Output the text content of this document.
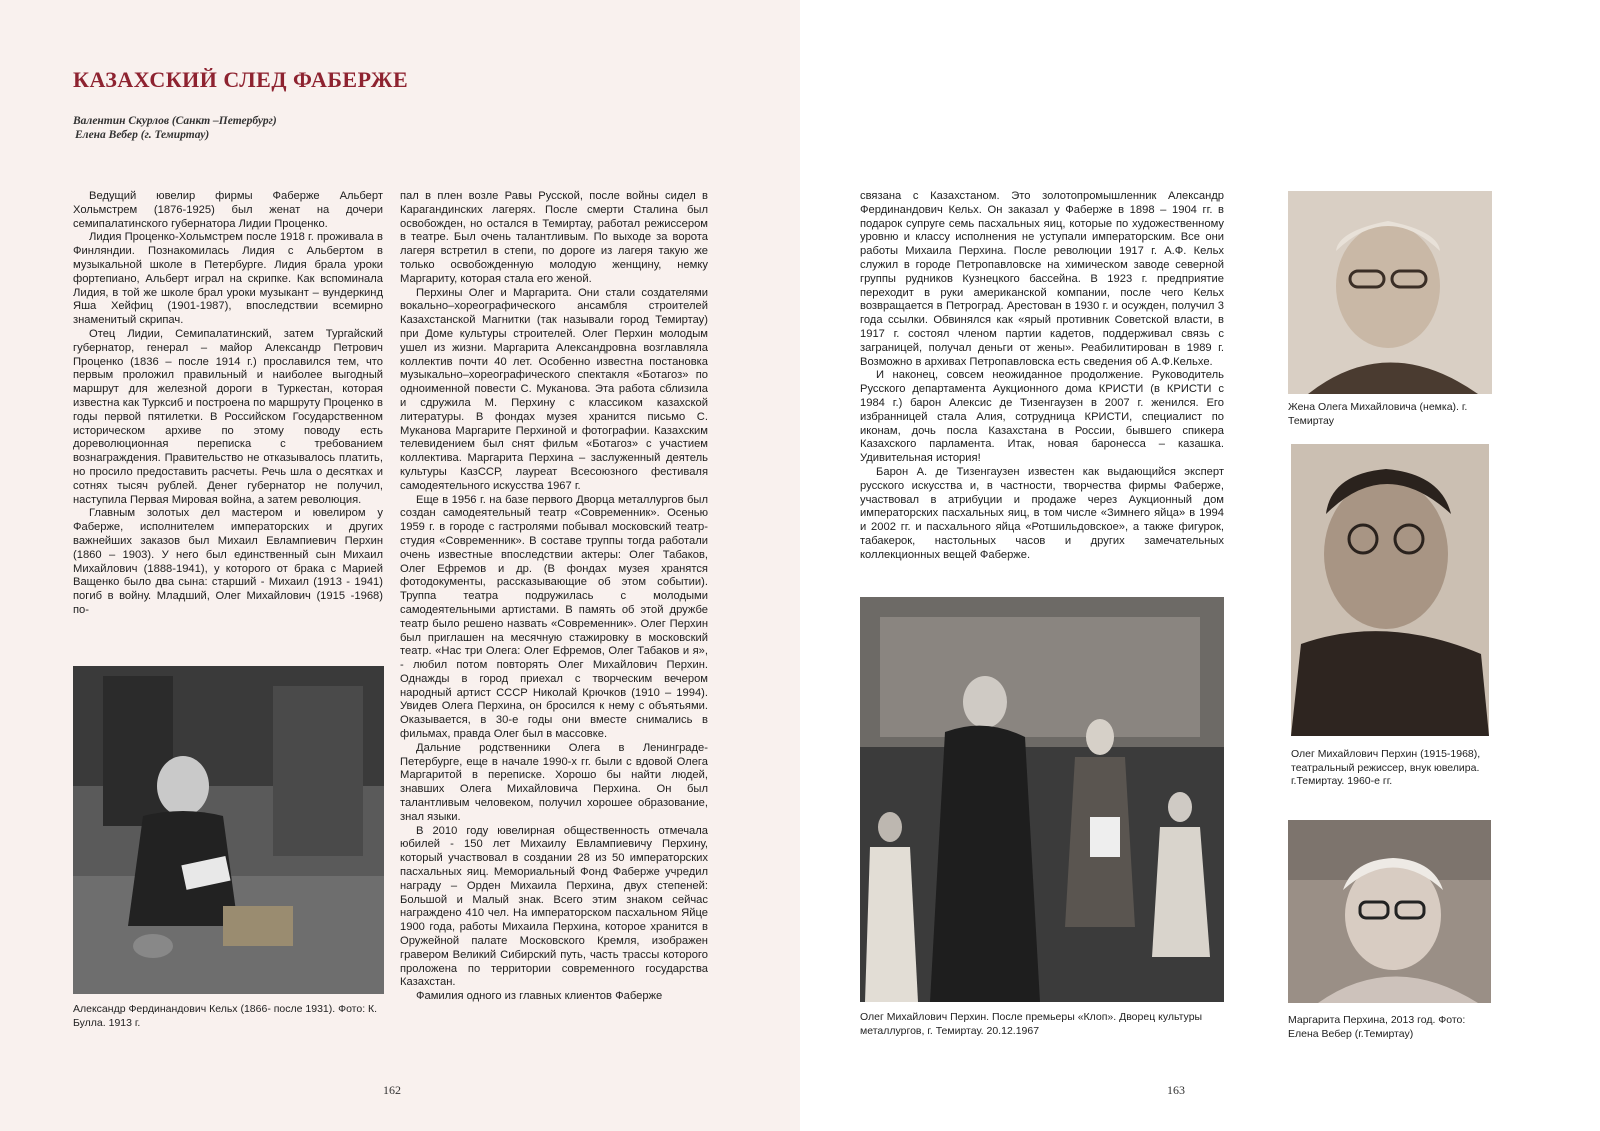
КАЗАХСКИЙ СЛЕД ФАБЕРЖЕ
Валентин Скурлов (Санкт –Петербург)
Елена Вебер (г. Темиртау)

Ведущий ювелир фирмы Фаберже Альберт Хольмстрем (1876-1925) был женат на дочери семипалатинского губернатора Лидии Проценко.

Лидия Проценко-Хольмстрем после 1918 г. проживала в Финляндии. Познакомилась Лидия с Альбертом в музыкальной школе в Петербурге. Лидия брала уроки фортепиано, Альберт играл на скрипке. Как вспоминала Лидия, в той же школе брал уроки музыкант – вундеркинд Яша Хейфиц (1901-1987), впоследствии всемирно знаменитый скрипач.

Отец Лидии, Семипалатинский, затем Тургайский губернатор, генерал – майор Александр Петрович Проценко (1836 – после 1914 г.) прославился тем, что первым проложил правильный и наиболее выгодный маршрут для железной дороги в Туркестан, которая известна как Турксиб и построена по маршруту Проценко в годы первой пятилетки. В Российском Государственном историческом архиве по этому поводу есть дореволюционная переписка с требованием вознаграждения. Правительство не отказывалось платить, но просило предоставить расчеты. Речь шла о десятках и сотнях тысяч рублей. Денег губернатор не получил, наступила Первая Мировая война, а затем революция.

Главным золотых дел мастером и ювелиром у Фаберже, исполнителем императорских и других важнейших заказов был Михаил Евлампиевич Перхин (1860 – 1903). У него был единственный сын Михаил Михайлович (1888-1941), у которого от брака с Марией Ващенко было два сына: старший - Михаил (1913 - 1941) погиб в войну. Младший, Олег Михайлович (1915 -1968) по-

пал в плен возле Равы Русской, после войны сидел в Карагандинских лагерях. После смерти Сталина был освобожден, но остался в Темиртау, работал режиссером в театре. Был очень талантливым. По выходе за ворота лагеря встретил в степи, по дороге из лагеря такую же только освобожденную молодую женщину, немку Маргариту, которая стала его женой.

Перхины Олег и Маргарита. Они стали создателями вокально–хореографического ансамбля строителей Казахстанской Магнитки (так называли город Темиртау) при Доме культуры строителей. Олег Перхин молодым ушел из жизни. Маргарита Александровна возглавляла коллектив почти 40 лет. Особенно известна постановка музыкально–хореографического спектакля «Ботагоз» по одноименной повести С. Муканова. Эта работа сблизила и сдружила М. Перхину с классиком казахской литературы. В фондах музея хранится письмо С. Муканова Маргарите Перхиной и фотографии. Казахским телевидением был снят фильм «Ботагоз» с участием коллектива. Маргарита Перхина – заслуженный деятель культуры КазССР, лауреат Всесоюзного фестиваля самодеятельного искусства 1967 г.

Еще в 1956 г. на базе первого Дворца металлургов был создан самодеятельный театр «Современник». Осенью 1959 г. в городе с гастролями побывал московский театр-студия «Современник». В составе труппы тогда работали очень известные впоследствии актеры: Олег Табаков, Олег Ефремов и др. (В фондах музея хранятся фотодокументы, рассказывающие об этом событии). Труппа театра подружилась с молодыми самодеятельными артистами. В память об этой дружбе театр было решено назвать «Современник». Олег Перхин был приглашен на месячную стажировку в московский театр. «Нас три Олега: Олег Ефремов, Олег Табаков и я», - любил потом повторять Олег Михайлович Перхин. Однажды в город приехал с творческим вечером народный артист СССР Николай Крючков (1910 – 1994). Увидев Олега Перхина, он бросился к нему с объятьями. Оказывается, в 30-е годы они вместе снимались в фильмах, правда Олег был в массовке.

Дальние родственники Олега в Ленинграде-Петербурге, еще в начале 1990-х гг. были с вдовой Олега Маргаритой в переписке. Хорошо бы найти людей, знавших Олега Михайловича Перхина. Он был талантливым человеком, получил хорошее образование, знал языки.

В 2010 году ювелирная общественность отмечала юбилей - 150 лет Михаилу Евлампиевичу Перхину, который участвовал в создании 28 из 50 императорских пасхальных яиц. Мемориальный Фонд Фаберже учредил награду – Орден Михаила Перхина, двух степеней: Большой и Малый знак. Всего этим знаком сейчас награждено 410 чел. На императорском пасхальном Яйце 1900 года, работы Михаила Перхина, которое хранится в Оружейной палате Московского Кремля, изображен гравером Великий Сибирский путь, часть трассы которого проложена по территории современного государства Казахстан.

Фамилия одного из главных клиентов Фаберже

Александр Фердинандович Кельх (1866- после 1931). Фото: К. Булла. 1913 г.
162

связана с Казахстаном. Это золотопромышленник Александр Фердинандович Кельх. Он заказал у Фаберже в 1898 – 1904 гг. в подарок супруге семь пасхальных яиц, которые по художественному уровню и классу исполнения не уступали императорским. Все они работы Михаила Перхина. После революции 1917 г. А.Ф. Кельх служил в городе Петропавловске на химическом заводе северной группы рудников Кузнецкого бассейна. В 1923 г. предприятие переходит в руки американской компании, после чего Кельх возвращается в Петроград. Арестован в 1930 г. и осужден, получил 3 года ссылки. Обвинялся как «ярый противник Советской власти, в 1917 г. состоял членом партии кадетов, поддерживал связь с заграницей, получал деньги от жены». Реабилитирован в 1989 г. Возможно в архивах Петропавловска есть сведения об А.Ф.Кельхе.

И наконец, совсем неожиданное продолжение. Руководитель Русского департамента Аукционного дома КРИСТИ (в КРИСТИ с 1984 г.) барон Алексис де Тизенгаузен в 2007 г. женился. Его избранницей стала Алия, сотрудница КРИСТИ, специалист по иконам, дочь посла Казахстана в России, бывшего спикера Казахского парламента. Итак, новая баронесса – казашка. Удивительная история!

Барон А. де Тизенгаузен известен как выдающийся эксперт русского искусства и, в частности, творчества фирмы Фаберже, участвовал в атрибуции и продаже через Аукционный дом императорских пасхальных яиц, в том числе «Зимнего яйца» в 1994 и 2002 гг. и пасхального яйца «Ротшильдовское», а также фигурок, табакерок, настольных часов и других замечательных коллекционных вещей Фаберже.

Олег Михайлович Перхин. После премьеры «Клоп». Дворец культуры металлургов, г. Темиртау. 20.12.1967
Жена Олега Михайловича (немка). г. Темиртау
Олег Михайлович Перхин (1915-1968), театральный режиссер, внук ювелира. г.Темиртау. 1960-е гг.
Маргарита Перхина, 2013 год. Фото: Елена Вебер (г.Темиртау)
163
